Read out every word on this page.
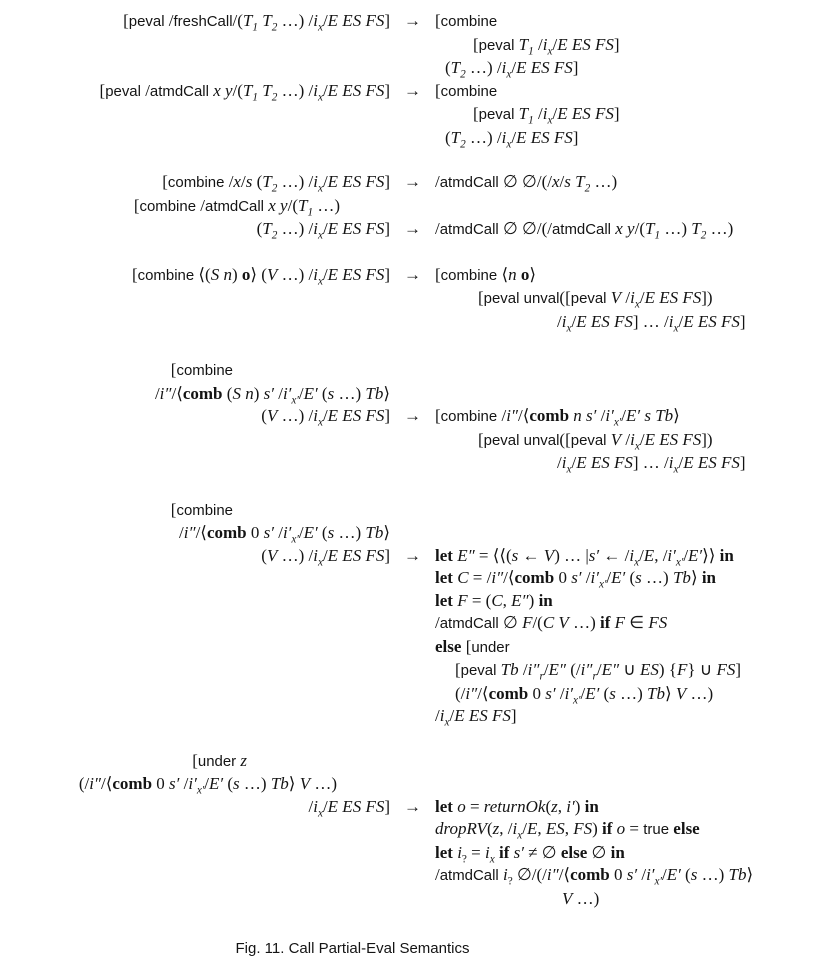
[peval $/freshCall/(T_1$ $T_2$ …) $/i_x/E$ ES FS] → [combine
[peval $T_1$ $/i_x/E$ ES FS]
($T_2$ …) $/i_x/E$ ES FS]
[peval /atmdCall x $y/(T_1$ $T_2$ …) $/i_x/E$ ES FS] → [combine
[peval $T_1$ $/i_x/E$ ES FS]
($T_2$ …) $/i_x/E$ ES FS]
[combine /x/s ($T_2$ …) $/i_x/E$ ES FS] → /atmdCall ∅ ∅/(/x/s $T_2$ …)
[combine /atmdCall x $y/(T_1$ …)
($T_2$ …) $/i_x/E$ ES FS] → /atmdCall ∅ ∅/(/atmdCall x $y/(T_1$ …) $T_2$ …)
[combine ⟨(S n) o⟩ (V …) $/i_x/E$ ES FS] → [combine ⟨n o⟩
[peval unval([peval V $/i_x/E$ ES FS])
$/i_x/E$ ES FS] … $/i_x/E$ ES FS]
[combine
/i″/⟨comb (S n) s′ $/i'_{x'}/E'$ (s …) Tb⟩
(V …) $/i_x/E$ ES FS] → [combine /i″/⟨comb n s′ $/i'_{x'}/E'$ s Tb⟩
[peval unval([peval V $/i_x/E$ ES FS])
$/i_x/E$ ES FS] … $/i_x/E$ ES FS]
[combine
/i″/⟨comb 0 s′ $/i'_{x'}/E'$ (s …) Tb⟩
(V …) $/i_x/E$ ES FS] → let E″ = ⟨⟨(s ← V) … |s′ ← $/i_x/E$, $/i'_{x'}/E'⟩⟩$ in
let C = /i″/⟨comb 0 s′ $/i'_{x'}/E'$ (s …) Tb⟩ in
let F = (C, E″) in
/atmdCall ∅ F/(C V …) if F ∈ FS
else [under
[peval Tb $/i''_r/E''$ ($/i''_r/E''$ ∪ ES) {F} ∪ FS]
(/i″/⟨comb 0 s′ $/i'_{x'}/E'$ (s …) Tb⟩ V …)
$/i_x/E$ ES FS]
[under z
(/i″/⟨comb 0 s′ $/i'_{x'}/E'$ (s …) Tb⟩ V …)
$/i_x/E$ ES FS] → let o = returnOk(z, i′) in
dropRV(z, $/i_x/E$, ES, FS) if o = true else
let $i_? = i_x$ if s′ ≠ ∅ else ∅ in
/atmdCall $i_?$ ∅/(/i″/⟨comb 0 s′ $/i'_{x'}/E'$ (s …) Tb⟩
V …)
Fig. 11. Call Partial-Eval Semantics
